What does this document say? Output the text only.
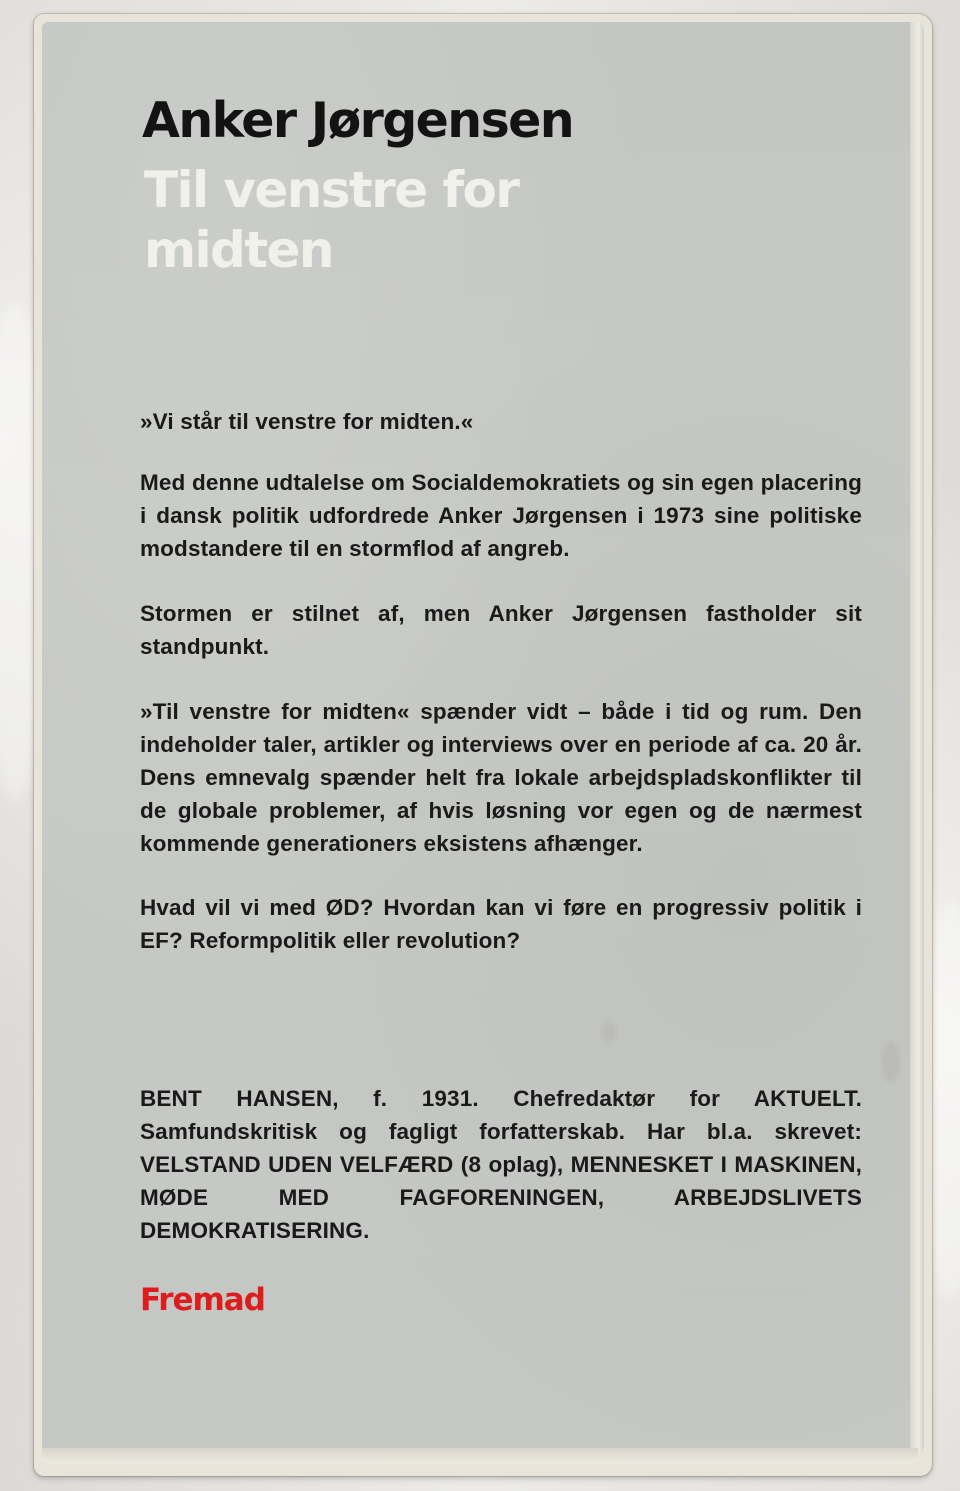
Anker Jørgensen
Til venstre for
midten

»Vi står til venstre for midten.«

Med denne udtalelse om Socialdemokratiets og sin egen placering i dansk politik udfordrede Anker Jørgensen i 1973 sine politiske modstandere til en stormflod af angreb.

Stormen er stilnet af, men Anker Jørgensen fastholder sit standpunkt.

»Til venstre for midten« spænder vidt – både i tid og rum. Den indeholder taler, artikler og interviews over en periode af ca. 20 år. Dens emnevalg spænder helt fra lokale arbejdspladskonflikter til de globale problemer, af hvis løsning vor egen og de nærmest kommende generationers eksistens afhænger.

Hvad vil vi med ØD? Hvordan kan vi føre en progressiv politik i EF? Reformpolitik eller revolution?

BENT HANSEN, f. 1931. Chefredaktør for AKTUELT. Samfundskritisk og fagligt forfatterskab. Har bl.a. skrevet: VELSTAND UDEN VELFÆRD (8 oplag), MENNESKET I MASKINEN, MØDE MED FAGFORENINGEN, ARBEJDSLIVETS DEMOKRATISERING.

Fremad
